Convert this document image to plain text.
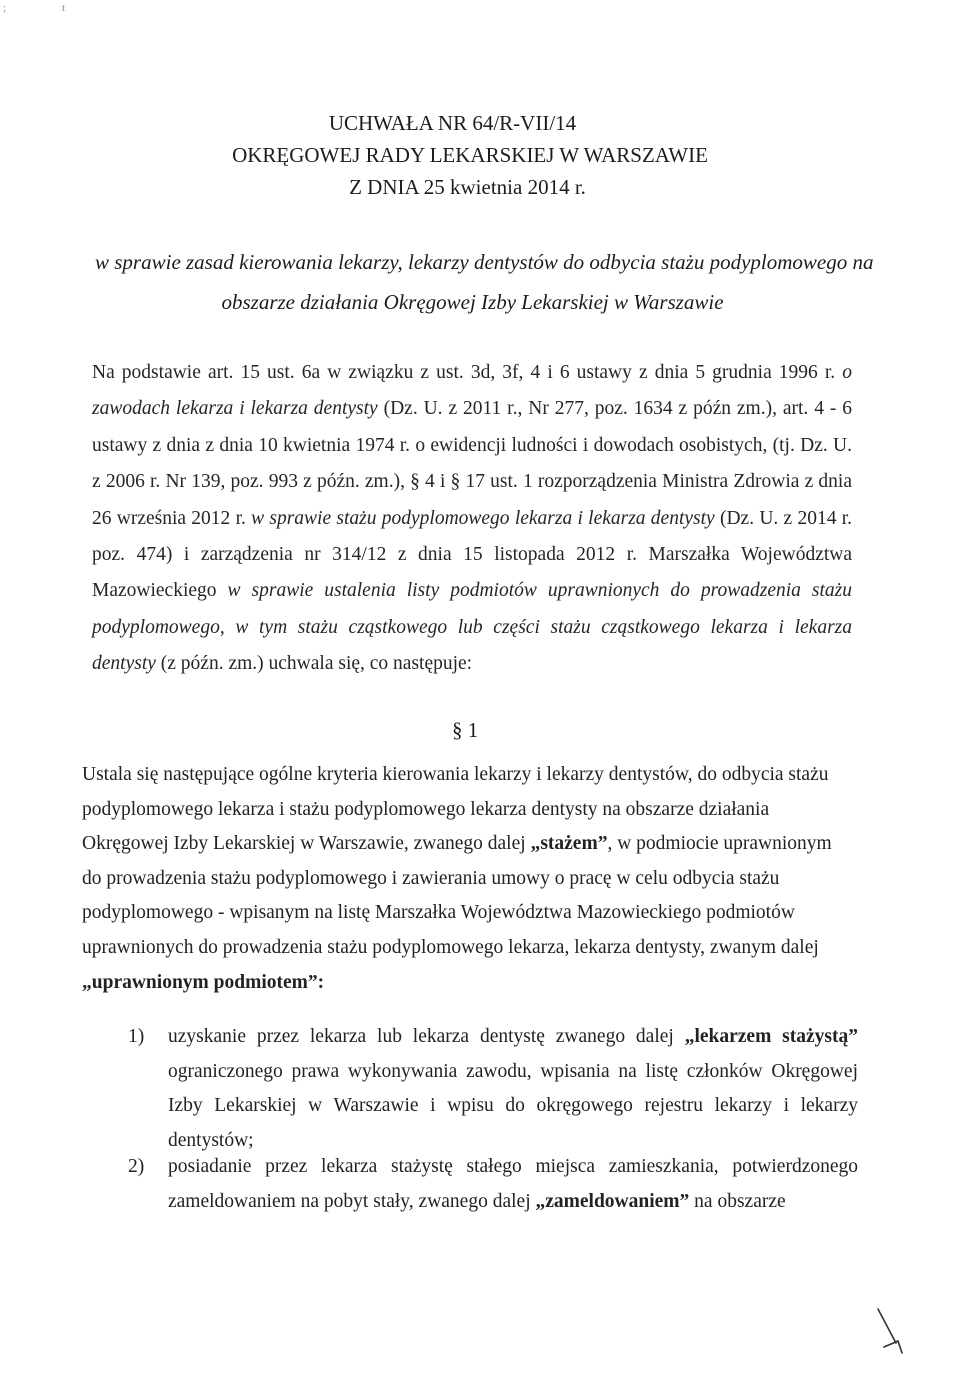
;	t
UCHWAŁA NR 64/R-VII/14
OKRĘGOWEJ RADY LEKARSKIEJ W WARSZAWIE
Z DNIA 25 kwietnia 2014 r.
w sprawie zasad kierowania lekarzy, lekarzy dentystów do odbycia stażu podyplomowego na
obszarze działania Okręgowej Izby Lekarskiej w Warszawie
Na podstawie art. 15 ust. 6a w związku z ust. 3d, 3f, 4 i 6 ustawy z dnia 5 grudnia 1996 r. o zawodach lekarza i lekarza dentysty (Dz. U. z 2011 r., Nr 277, poz. 1634 z późn zm.), art. 4 - 6 ustawy z dnia z dnia 10 kwietnia 1974 r. o ewidencji ludności i dowodach osobistych, (tj. Dz. U. z 2006 r. Nr 139, poz. 993 z późn. zm.), § 4 i § 17 ust. 1 rozporządzenia Ministra Zdrowia z dnia 26 września 2012 r. w sprawie stażu podyplomowego lekarza i lekarza dentysty (Dz. U. z 2014 r. poz. 474) i zarządzenia nr 314/12 z dnia 15 listopada 2012 r. Marszałka Województwa Mazowieckiego w sprawie ustalenia listy podmiotów uprawnionych do prowadzenia stażu podyplomowego, w tym stażu cząstkowego lub części stażu cząstkowego lekarza i lekarza dentysty (z późn. zm.) uchwala się, co następuje:
§ 1
Ustala się następujące ogólne kryteria kierowania lekarzy i lekarzy dentystów, do odbycia stażu podyplomowego lekarza i stażu podyplomowego lekarza dentysty na obszarze działania Okręgowej Izby Lekarskiej w Warszawie, zwanego dalej „stażem”, w podmiocie uprawnionym do prowadzenia stażu podyplomowego i zawierania umowy o pracę w celu odbycia stażu podyplomowego - wpisanym na listę Marszałka Województwa Mazowieckiego podmiotów uprawnionych do prowadzenia stażu podyplomowego lekarza, lekarza dentysty, zwanym dalej „uprawnionym podmiotem”:
1) uzyskanie przez lekarza lub lekarza dentystę zwanego dalej „lekarzem stażystą” ograniczonego prawa wykonywania zawodu, wpisania na listę członków Okręgowej Izby Lekarskiej w Warszawie i wpisu do okręgowego rejestru lekarzy i lekarzy dentystów;
2) posiadanie przez lekarza stażystę stałego miejsca zamieszkania, potwierdzonego zameldowaniem na pobyt stały, zwanego dalej „zameldowaniem” na obszarze
